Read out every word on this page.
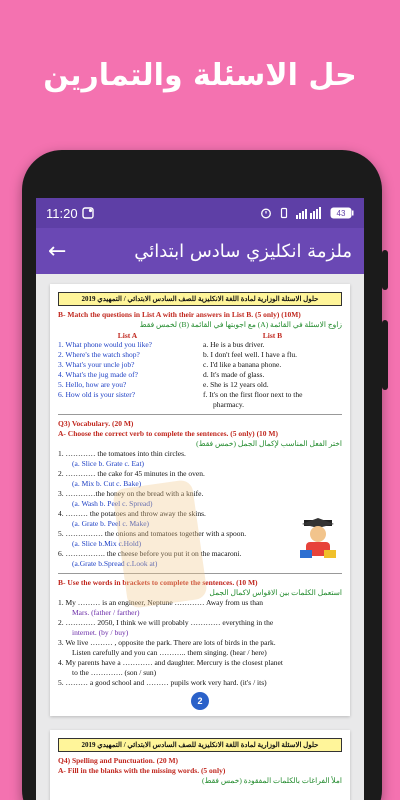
حل الاسئلة والتمارين
11:20	43
←	ملزمة انكليزي سادس ابتدائي
حلول الاسئلة الوزارية لمادة اللغة الانكليزية للصف السادس الابتدائي / التمهيدي 2019
B- Match the questions in List A with their answers in List B. (5 only) (10M)
زاوج الاسئلة في القائمة (A) مع اجوبتها في القائمة (B) لخمس فقط
List A
1. What phone would you like?
2. Where's the watch shop?
3. What's your uncle job?
4. What's the jug made of?
5. Hello, how are you?
6. How old is your sister?
List B
a. He is a bus driver.
b. I don't feel well. I have a flu.
c. I'd like a banana phone.
d. It's made of glass.
e. She is 12 years old.
f. It's on the first floor next to the
pharmacy.
Q3) Vocabulary. (20 M)
A- Choose the correct verb to complete the sentences. (5 only) (10 M)
اختر الفعل المناسب لإكمال الجمل (خمس فقط)
1. ………… the tomatoes into thin circles.
(a. Slice b. Grate c. Eat)
2. ………… the cake for 45 minutes in the oven.
(a. Mix b. Cut c. Bake)
3. …………the honey on the bread with a knife.
(a. Wash b. Peel c. Spread)
4. ……… the potatoes and throw away the skins.
(a. Grate b. Peel c. Make)
5. …………… the onions and tomatoes together with a spoon.
(a. Slice b.Mix c.Hold)
6. ……………. the cheese before you put it on the macaroni.
(a.Grate b.Spread c.Look at)
B- Use the words in brackets to complete the sentences. (10 M)
استعمل الكلمات بين الاقواس لاكمال الجمل
1. My ……… is an engineer, Neptune ………… Away from us than
Mars. (father / farther)
2. ………… 2050, I think we will probably ………… everything in the
internet. (by / buy)
3. We live ……… , opposite the park. There are lots of birds in the park.
Listen carefully and you can ……….. them singing. (hear / here)
4. My parents have a ………… and daughter. Mercury is the closest planet
to the …………. (son / sun)
5. ……… a good school and ……… pupils work very hard. (it's / its)
2
حلول الاسئلة الوزارية لمادة اللغة الانكليزية للصف السادس الابتدائي / التمهيدي 2019
Q4) Spelling and Punctuation. (20 M)
A- Fill in the blanks with the missing words. (5 only)
املأ الفراغات بالكلمات المفقودة (خمس فقط)
